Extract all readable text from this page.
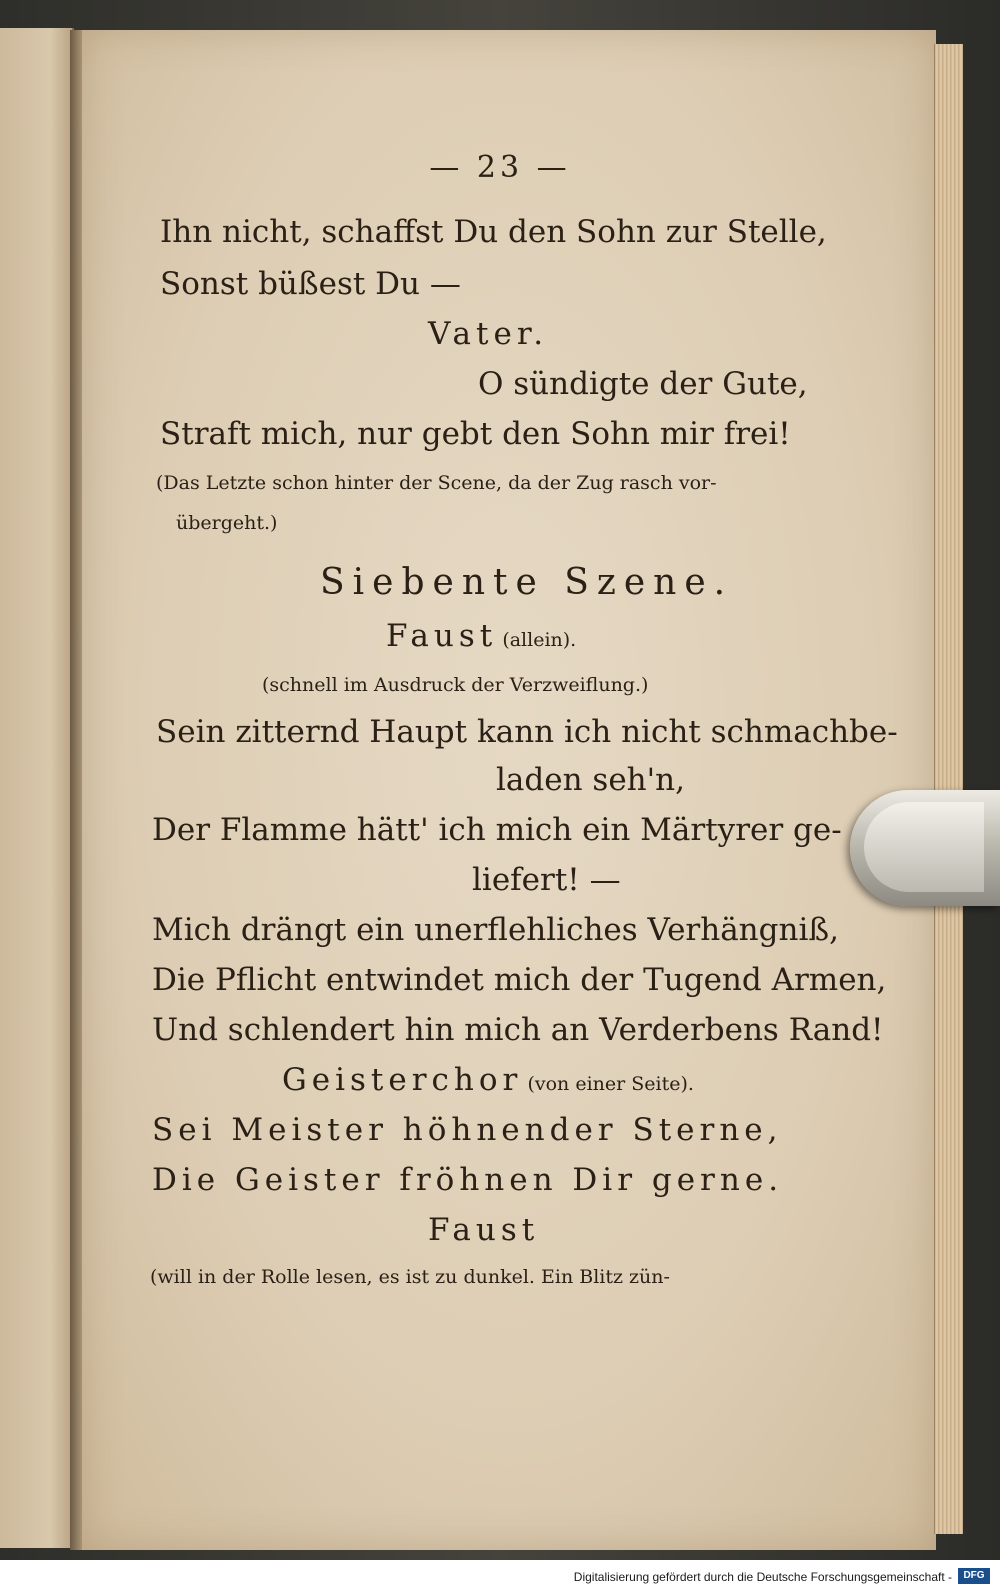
— 23 —
Ihn nicht, schaffst Du den Sohn zur Stelle,
Sonst büßest Du —
Vater.
O sündigte der Gute,
Straft mich, nur gebt den Sohn mir frei!
(Das Letzte schon hinter der Scene, da der Zug rasch vor-
übergeht.)
Siebente Szene.
Faust (allein).
(schnell im Ausdruck der Verzweiflung.)
Sein zitternd Haupt kann ich nicht schmachbe-
laden seh'n,
Der Flamme hätt' ich mich ein Märtyrer ge-
liefert! —
Mich drängt ein unerflehliches Verhängniß,
Die Pflicht entwindet mich der Tugend Armen,
Und schlendert hin mich an Verderbens Rand!
Geisterchor (von einer Seite).
Sei Meister höhnender Sterne,
Die Geister fröhnen Dir gerne.
Faust
(will in der Rolle lesen, es ist zu dunkel. Ein Blitz zün-
Digitalisierung gefördert durch die Deutsche Forschungsgemeinschaft -	DFG
